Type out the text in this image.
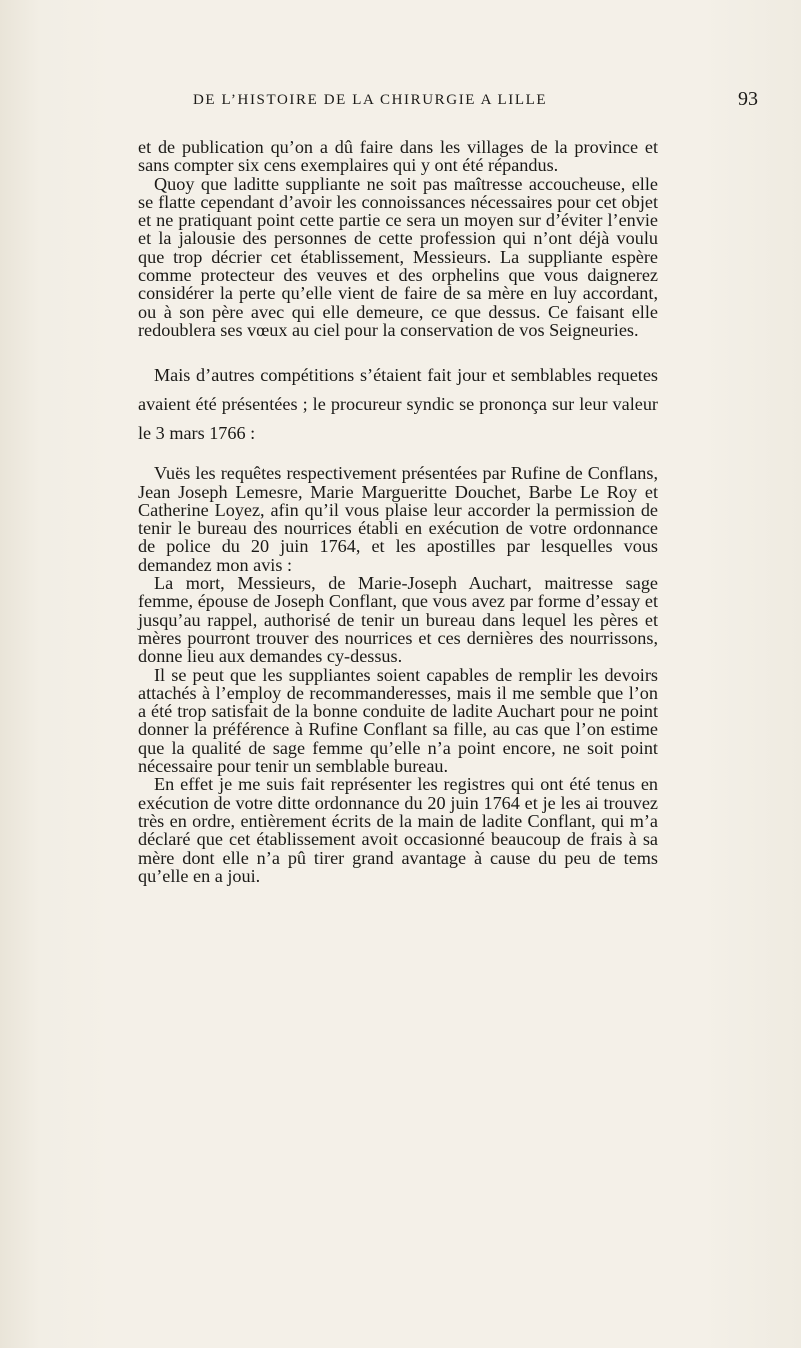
DE L’HISTOIRE DE LA CHIRURGIE A LILLE	93

et de publication qu’on a dû faire dans les villages de la province et sans compter six cens exemplaires qui y ont été répandus.

Quoy que laditte suppliante ne soit pas maîtresse accoucheuse, elle se flatte cependant d’avoir les connoissances nécessaires pour cet objet et ne pratiquant point cette partie ce sera un moyen sur d’éviter l’envie et la jalousie des personnes de cette profession qui n’ont déjà voulu que trop décrier cet établissement, Messieurs. La suppliante espère comme protecteur des veuves et des orphelins que vous daignerez considérer la perte qu’elle vient de faire de sa mère en luy accordant, ou à son père avec qui elle demeure, ce que dessus. Ce faisant elle redoublera ses vœux au ciel pour la conservation de vos Seigneuries.

Mais d’autres compétitions s’étaient fait jour et semblables requetes avaient été présentées ; le procureur syndic se prononça sur leur valeur le 3 mars 1766 :

Vuës les requêtes respectivement présentées par Rufine de Conflans, Jean Joseph Lemesre, Marie Margueritte Douchet, Barbe Le Roy et Catherine Loyez, afin qu’il vous plaise leur accorder la permission de tenir le bureau des nourrices établi en exécution de votre ordonnance de police du 20 juin 1764, et les apostilles par lesquelles vous demandez mon avis :

La mort, Messieurs, de Marie-Joseph Auchart, maitresse sage femme, épouse de Joseph Conflant, que vous avez par forme d’essay et jusqu’au rappel, authorisé de tenir un bureau dans lequel les pères et mères pourront trouver des nourrices et ces dernières des nourrissons, donne lieu aux demandes cy-dessus.

Il se peut que les suppliantes soient capables de remplir les devoirs attachés à l’employ de recommanderesses, mais il me semble que l’on a été trop satisfait de la bonne conduite de ladite Auchart pour ne point donner la préférence à Rufine Conflant sa fille, au cas que l’on estime que la qualité de sage femme qu’elle n’a point encore, ne soit point nécessaire pour tenir un semblable bureau.

En effet je me suis fait représenter les registres qui ont été tenus en exécution de votre ditte ordonnance du 20 juin 1764 et je les ai trouvez très en ordre, entièrement écrits de la main de ladite Conflant, qui m’a déclaré que cet établissement avoit occasionné beaucoup de frais à sa mère dont elle n’a pû tirer grand avantage à cause du peu de tems qu’elle en a joui.
